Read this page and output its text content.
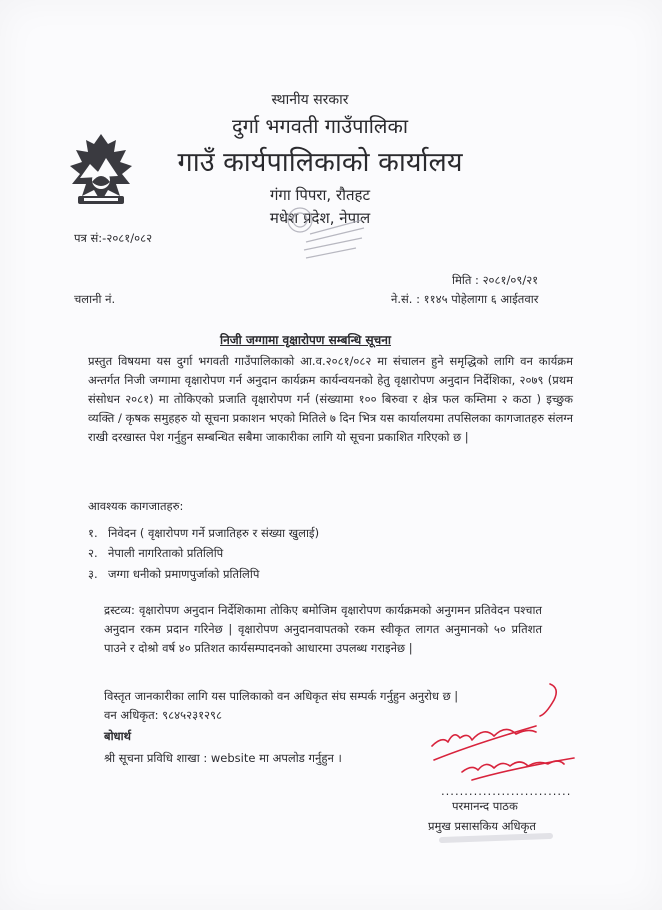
स्थानीय सरकार
दुर्गा भगवती गाउँपालिका
गाउँ कार्यपालिकाको कार्यालय
गंगा पिपरा, रौतहट
मधेश प्रदेश, नेपाल
पत्र सं:-२०८१/०८२
मिति : २०८१/०९/२१
चलानी नं.	ने.सं. : ११४५ पोहेलागा ६ आईतवार
निजी जग्गामा वृक्षारोपण सम्बन्धि सूचना
प्रस्तुत विषयमा यस दुर्गा भगवती गाउँपालिकाको आ.व.२०८१/०८२ मा संचालन हुने समृद्धिको लागि वन कार्यक्रम अन्तर्गत निजी जग्गामा वृक्षारोपण गर्न अनुदान कार्यक्रम कार्यन्वयनको हेतु वृक्षारोपण अनुदान निर्देशिका, २०७९ (प्रथम संसोधन २०८१) मा तोकिएको प्रजाति वृक्षारोपण गर्न (संख्यामा १०० बिरुवा र क्षेत्र फल कम्तिमा २ कठा ) इच्छुक व्यक्ति / कृषक समुहहरु यो सूचना प्रकाशन भएको मितिले ७ दिन भित्र यस कार्यालयमा तपसिलका कागजातहरु संलग्न राखी दरखास्त पेश गर्नुहुन सम्बन्धित सबैमा जाकारीका लागि यो सूचना प्रकाशित गरिएको छ |
आवश्यक कागजातहरु:
१. निवेदन ( वृक्षारोपण गर्ने प्रजातिहरु र संख्या खुलाई)
२. नेपाली नागरिताको प्रतिलिपि
३. जग्गा धनीको प्रमाणपुर्जाको प्रतिलिपि
द्रस्टव्य: वृक्षारोपण अनुदान निर्देशिकामा तोकिए बमोजिम वृक्षारोपण कार्यक्रमको अनुगमन प्रतिवेदन पश्चात अनुदान रकम प्रदान गरिनेछ | वृक्षारोपण अनुदानवापतको रकम स्वीकृत लागत अनुमानको ५० प्रतिशत पाउने र दोश्रो वर्ष ४० प्रतिशत कार्यसम्पादनको आधारमा उपलब्ध गराइनेछ |
विस्तृत जानकारीका लागि यस पालिकाको वन अधिकृत संघ सम्पर्क गर्नुहुन अनुरोध छ |
वन अधिकृत: ९८४५२३१२९८
बोधार्थ
श्री सूचना प्रविधि शाखा : website मा अपलोड गर्नुहुन ।
............................
परमानन्द पाठक
प्रमुख प्रसासकिय अधिकृत
